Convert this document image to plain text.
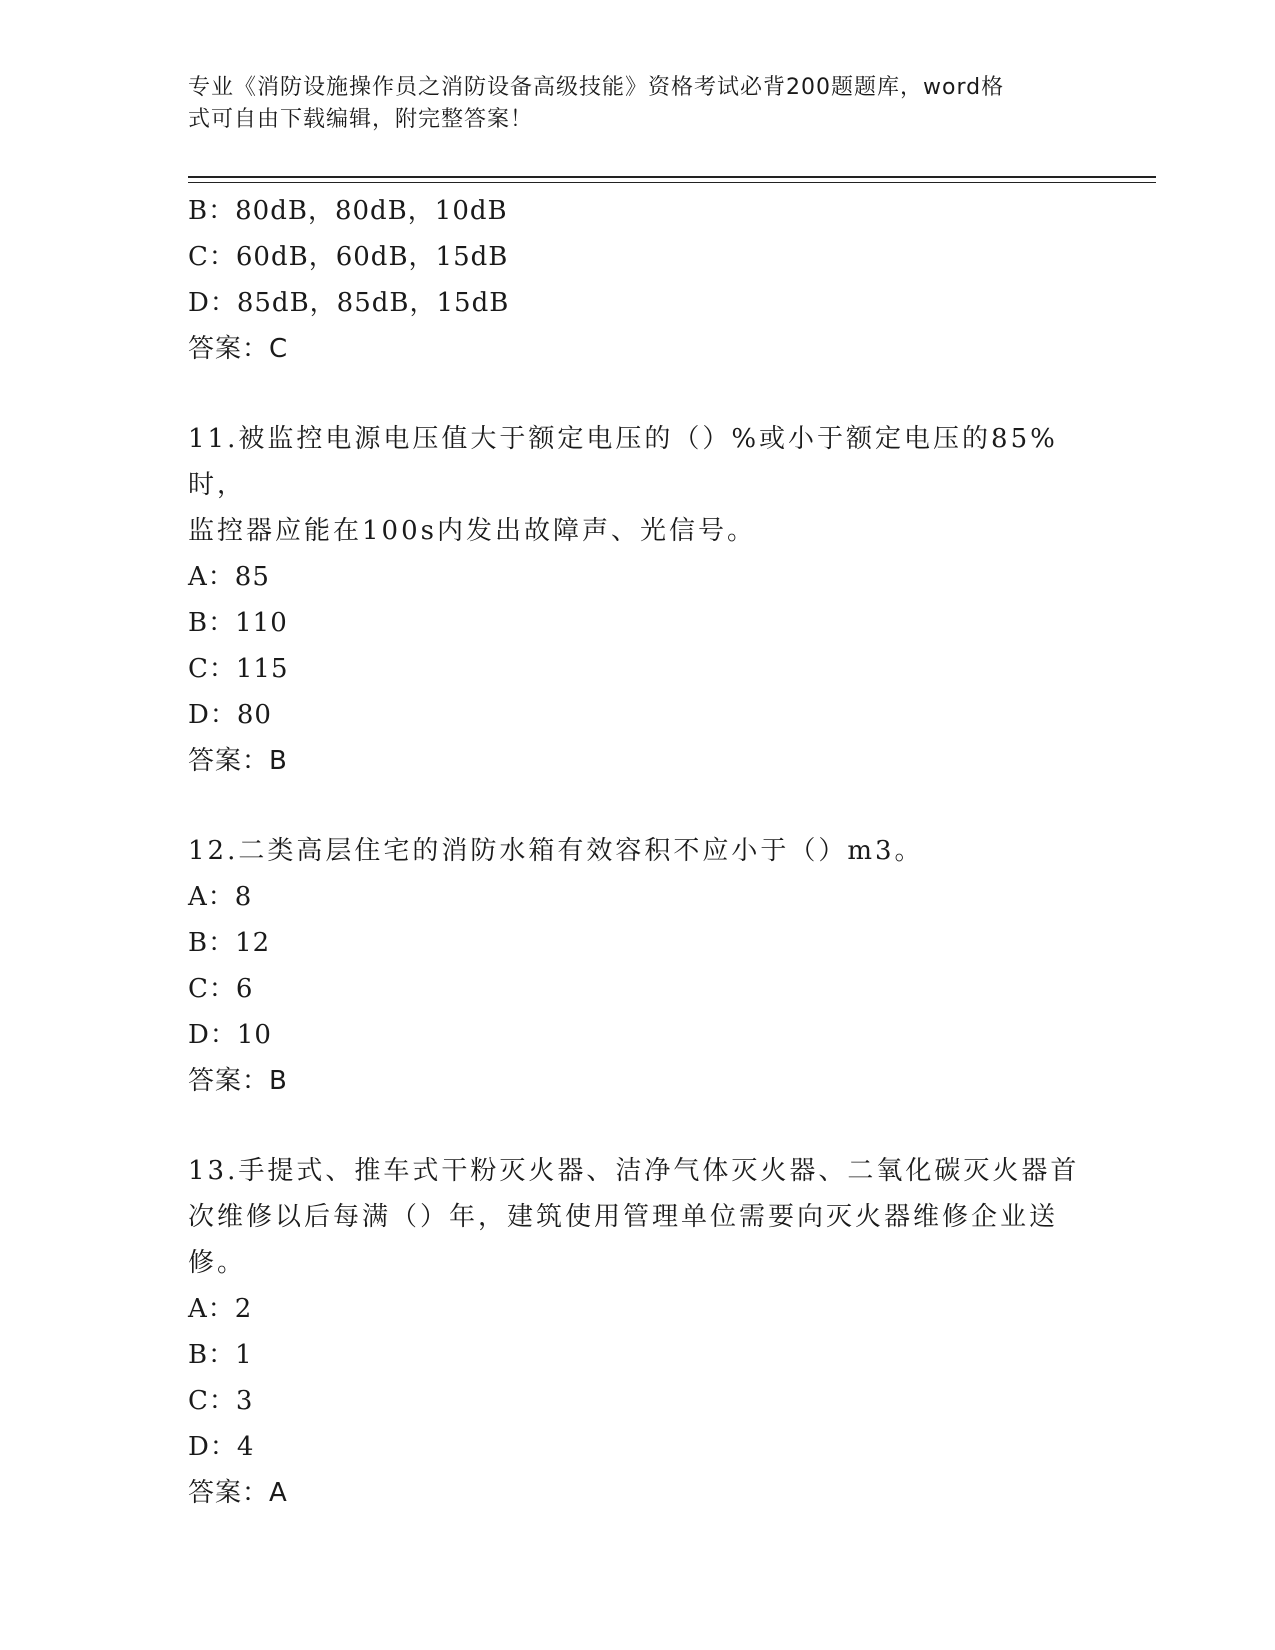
专业《消防设施操作员之消防设备高级技能》资格考试必背200题题库，word格
式可自由下载编辑，附完整答案！
B：80dB，80dB，10dB
C：60dB，60dB，15dB
D：85dB，85dB，15dB
答案：C
11.被监控电源电压值大于额定电压的（）%或小于额定电压的85%时，
监控器应能在100s内发出故障声、光信号。
A：85
B：110
C：115
D：80
答案：B
12.二类高层住宅的消防水箱有效容积不应小于（）m3。
A：8
B：12
C：6
D：10
答案：B
13.手提式、推车式干粉灭火器、洁净气体灭火器、二氧化碳灭火器首
次维修以后每满（）年，建筑使用管理单位需要向灭火器维修企业送
修。
A：2
B：1
C：3
D：4
答案：A
